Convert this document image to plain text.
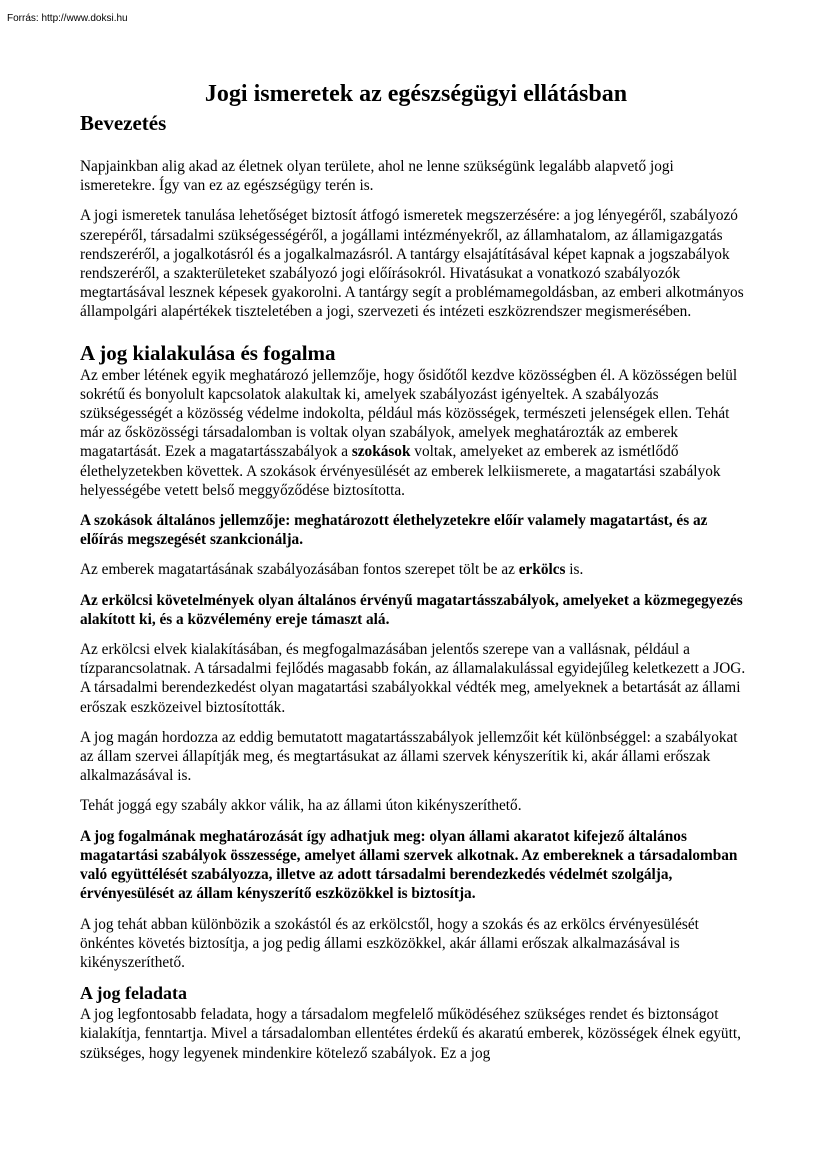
Forrás: http://www.doksi.hu

Jogi ismeretek az egészségügyi ellátásban
Bevezetés

Napjainkban alig akad az életnek olyan területe, ahol ne lenne szükségünk legalább alapvető jogi ismeretekre. Így van ez az egészségügy terén is.

A jogi ismeretek tanulása lehetőséget biztosít átfogó ismeretek megszerzésére: a jog lényegéről, szabályozó szerepéről, társadalmi szükségességéről, a jogállami intézményekről, az államhatalom, az államigazgatás rendszeréről, a jogalkotásról és a jogalkalmazásról. A tantárgy elsajátításával képet kapnak a jogszabályok rendszeréről, a szakterületeket szabályozó jogi előírásokról. Hivatásukat a vonatkozó szabályozók megtartásával lesznek képesek gyakorolni. A tantárgy segít a problémamegoldásban, az emberi alkotmányos állampolgári alapértékek tiszteletében a jogi, szervezeti és intézeti eszközrendszer megismerésében.

A jog kialakulása és fogalma

Az ember létének egyik meghatározó jellemzője, hogy ősidőtől kezdve közösségben él. A közösségen belül sokrétű és bonyolult kapcsolatok alakultak ki, amelyek szabályozást igényeltek. A szabályozás szükségességét a közösség védelme indokolta, például más közösségek, természeti jelenségek ellen. Tehát már az ősközösségi társadalomban is voltak olyan szabályok, amelyek meghatározták az emberek magatartását. Ezek a magatartásszabályok a szokások voltak, amelyeket az emberek az ismétlődő élethelyzetekben követtek. A szokások érvényesülését az emberek lelkiismerete, a magatartási szabályok helyességébe vetett belső meggyőződése biztosította.

A szokások általános jellemzője: meghatározott élethelyzetekre előír valamely magatartást, és az előírás megszegését szankcionálja.

Az emberek magatartásának szabályozásában fontos szerepet tölt be az erkölcs is.

Az erkölcsi követelmények olyan általános érvényű magatartásszabályok, amelyeket a közmegegyezés alakított ki, és a közvélemény ereje támaszt alá.

Az erkölcsi elvek kialakításában, és megfogalmazásában jelentős szerepe van a vallásnak, például a tízparancsolatnak. A társadalmi fejlődés magasabb fokán, az államalakulással egyidejűleg keletkezett a JOG. A társadalmi berendezkedést olyan magatartási szabályokkal védték meg, amelyeknek a betartását az állami erőszak eszközeivel biztosították.

A jog magán hordozza az eddig bemutatott magatartásszabályok jellemzőit két különbséggel: a szabályokat az állam szervei állapítják meg, és megtartásukat az állami szervek kényszerítik ki, akár állami erőszak alkalmazásával is.

Tehát joggá egy szabály akkor válik, ha az állami úton kikényszeríthető.

A jog fogalmának meghatározását így adhatjuk meg: olyan állami akaratot kifejező általános magatartási szabályok összessége, amelyet állami szervek alkotnak. Az embereknek a társadalomban való együttélését szabályozza, illetve az adott társadalmi berendezkedés védelmét szolgálja, érvényesülését az állam kényszerítő eszközökkel is biztosítja.

A jog tehát abban különbözik a szokástól és az erkölcstől, hogy a szokás és az erkölcs érvényesülését önkéntes követés biztosítja, a jog pedig állami eszközökkel, akár állami erőszak alkalmazásával is kikényszeríthető.

A jog feladata

A jog legfontosabb feladata, hogy a társadalom megfelelő működéséhez szükséges rendet és biztonságot kialakítja, fenntartja. Mivel a társadalomban ellentétes érdekű és akaratú emberek, közösségek élnek együtt, szükséges, hogy legyenek mindenkire kötelező szabályok. Ez a jog
